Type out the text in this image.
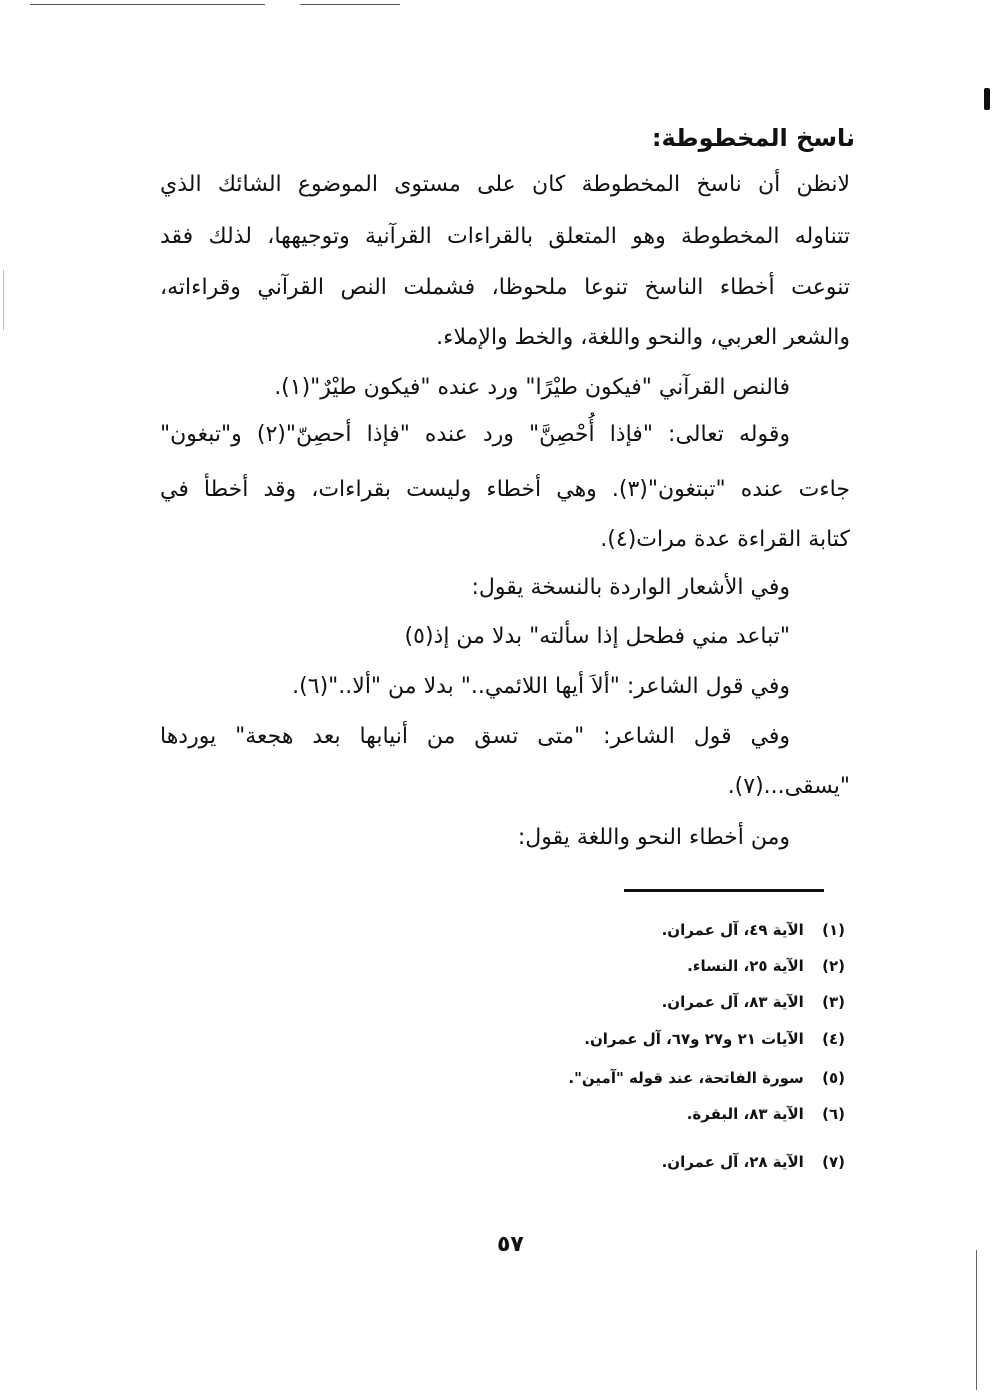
ناسخ المخطوطة:
لانظن أن ناسخ المخطوطة كان على مستوى الموضوع الشائك الذي
تتناوله المخطوطة وهو المتعلق بالقراءات القرآنية وتوجيهها، لذلك فقد
تنوعت أخطاء الناسخ تنوعا ملحوظا، فشملت النص القرآني وقراءاته،
والشعر العربي، والنحو واللغة، والخط والإملاء.
فالنص القرآني "فيكون طيْرًا" ورد عنده "فيكون طيْرٌ"(١).
وقوله تعالى: "فإذا أُحْصِنَّ" ورد عنده "فإذا أحصِنّ"(٢) و"تبغون"
جاءت عنده "تبتغون"(٣). وهي أخطاء وليست بقراءات، وقد أخطأ في
كتابة القراءة عدة مرات(٤).
وفي الأشعار الواردة بالنسخة يقول:
"تباعد مني فطحل إذا سألته" بدلا من إذ(٥)
وفي قول الشاعر: "ألاَ أيها اللائمي.." بدلا من "ألا.."(٦).
وفي قول الشاعر: "متى تسق من أنيابها بعد هجعة" يوردها
"يسقى...(٧).
ومن أخطاء النحو واللغة يقول:
(١) الآية ٤٩، آل عمران.
(٢) الآية ٢٥، النساء.
(٣) الآية ٨٣، آل عمران.
(٤) الآيات ٢١ و٢٧ و٦٧، آل عمران.
(٥) سورة الفاتحة، عند قوله "آمين".
(٦) الآية ٨٣، البقرة.
(٧) الآية ٢٨، آل عمران.
٥٧
